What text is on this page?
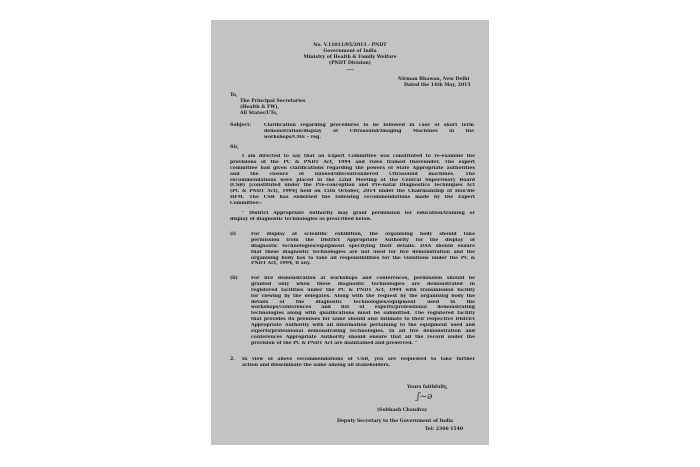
No. V.11011/05/2013 - PNDT
Government of India
Ministry of Health & Family Welfare
(PNDT Division)
----
Nirman Bhawan, New Delhi
Dated the 14th May, 2015
To,
The Principal Secretaries
(Health & FW),
All States/UTs,
Subject:	Clarification regarding procedures to be followed in case of short term

demonstration/display of Ultrasound/Imaging Machines in the

workshops/CME – reg.

Sir,

I am directed to say that an Expert Committee was constituted to re-examine the

provisions of the PC & PNDT Act, 1994 and rules framed thereunder. The expert

committee had given clarifications regarding the powers of State Appropriate authorities

and the closure of unused/idle/surrendered Ultrasound machines. The

recommendations were placed in the 22nd Meeting of the Central Supervisory Board

(CSB) [constituted under the Pre-conception and Pre-natal Diagnostics Techniques Act

(PC & PNDT Act), 1994] held on 15th October, 2014 under the Chairmanship of Hon'ble

HFM. The CSB has endorsed the following recommendations made by the Expert

Committee:-

" District Appropriate Authority may grant permission for education/training or

display of diagnostic technologies as prescribed below.

(i)	For display at scientific exhibition, the organising body should take

permission from the District Appropriate Authority for the display of

diagnostic technologies/equipment specifying their details. DAA should ensure

that these diagnostic technologies are not used for live demonstration and the

organising body has to take all responsibilities for the violations under the PC &

PNDT Act, 1994, if any.

(ii)	For live demonstration at workshops and conferences, permission should be

granted only when these diagnostic technologies are demonstrated in

registered facilities under the PC & PNDT Act, 1994 with transmission facility

for viewing by the delegates. Along with the request by the organising body the

details of the diagnostic technologies/equipment used in the

workshops/conferences and list of experts/professional demonstrating

technologies along with qualifications must be submitted. The registered facility

that provides its premises for same should also intimate to their respective District

Appropriate Authority with all information pertaining to the equipment used and

experts/professional demonstrating technologies. In all live demonstration and

conferences Appropriate Authority should ensure that all the record under the

provision of the PC & PNDT Act are maintained and preserved. "

2. In view of above recommendations of CSB, you are requested to take further

action and disseminate the same among all stakeholders.

Yours faithfully,
ʃ~ǝ
(Subhash Chandra)
Deputy Secretary to the Government of India
Tel: 2306 1540
